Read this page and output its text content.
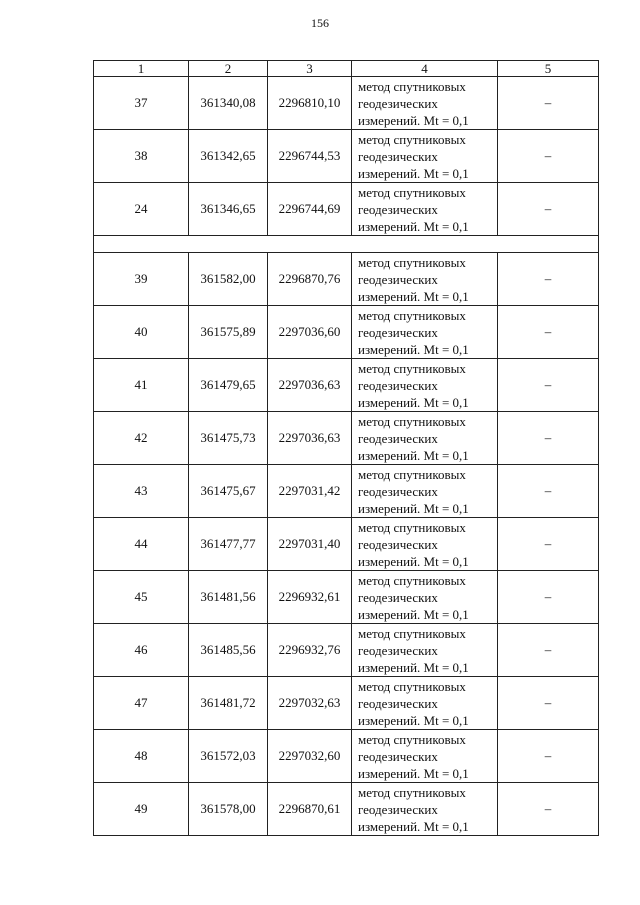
156
1	2	3	4	5
37	361340,08	2296810,10	метод спутниковых
геодезических
измерений. Mt = 0,1	–
38	361342,65	2296744,53	метод спутниковых
геодезических
измерений. Mt = 0,1	–
24	361346,65	2296744,69	метод спутниковых
геодезических
измерений. Mt = 0,1	–

39	361582,00	2296870,76	метод спутниковых
геодезических
измерений. Mt = 0,1	–
40	361575,89	2297036,60	метод спутниковых
геодезических
измерений. Mt = 0,1	–
41	361479,65	2297036,63	метод спутниковых
геодезических
измерений. Mt = 0,1	–
42	361475,73	2297036,63	метод спутниковых
геодезических
измерений. Mt = 0,1	–
43	361475,67	2297031,42	метод спутниковых
геодезических
измерений. Mt = 0,1	–
44	361477,77	2297031,40	метод спутниковых
геодезических
измерений. Mt = 0,1	–
45	361481,56	2296932,61	метод спутниковых
геодезических
измерений. Mt = 0,1	–
46	361485,56	2296932,76	метод спутниковых
геодезических
измерений. Mt = 0,1	–
47	361481,72	2297032,63	метод спутниковых
геодезических
измерений. Mt = 0,1	–
48	361572,03	2297032,60	метод спутниковых
геодезических
измерений. Mt = 0,1	–
49	361578,00	2296870,61	метод спутниковых
геодезических
измерений. Mt = 0,1	–
